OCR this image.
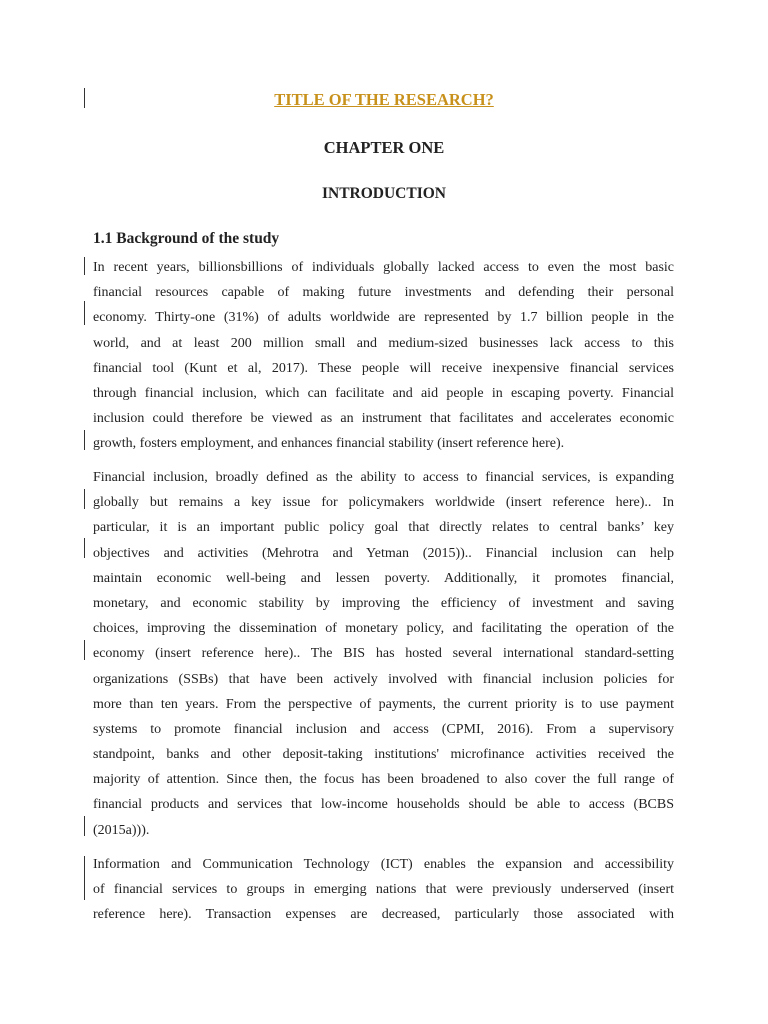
TITLE OF THE RESEARCH?
CHAPTER ONE
INTRODUCTION
1.1 Background of the study
In recent years, billionsbillions of individuals globally lacked access to even the most basic
financial resources capable of making future investments and defending their personal
economy. Thirty-one (31%) of adults worldwide are represented by 1.7 billion people in the
world, and at least 200 million small and medium-sized businesses lack access to this
financial tool (Kunt et al, 2017). These people will receive inexpensive financial services
through financial inclusion, which can facilitate and aid people in escaping poverty. Financial
inclusion could therefore be viewed as an instrument that facilitates and accelerates economic
growth, fosters employment, and enhances financial stability (insert reference here).
Financial inclusion, broadly defined as the ability to access to financial services, is expanding
globally but remains a key issue for policymakers worldwide (insert reference here).. In
particular, it is an important public policy goal that directly relates to central banks’ key
objectives and activities (Mehrotra and Yetman (2015)).. Financial inclusion can help
maintain economic well-being and lessen poverty. Additionally, it promotes financial,
monetary, and economic stability by improving the efficiency of investment and saving
choices, improving the dissemination of monetary policy, and facilitating the operation of the
economy (insert reference here).. The BIS has hosted several international standard-setting
organizations (SSBs) that have been actively involved with financial inclusion policies for
more than ten years. From the perspective of payments, the current priority is to use payment
systems to promote financial inclusion and access (CPMI, 2016). From a supervisory
standpoint, banks and other deposit-taking institutions' microfinance activities received the
majority of attention. Since then, the focus has been broadened to also cover the full range of
financial products and services that low-income households should be able to access (BCBS
(2015a))).
Information and Communication Technology (ICT) enables the expansion and accessibility
of financial services to groups in emerging nations that were previously underserved (insert
reference here). Transaction expenses are decreased, particularly those associated with
